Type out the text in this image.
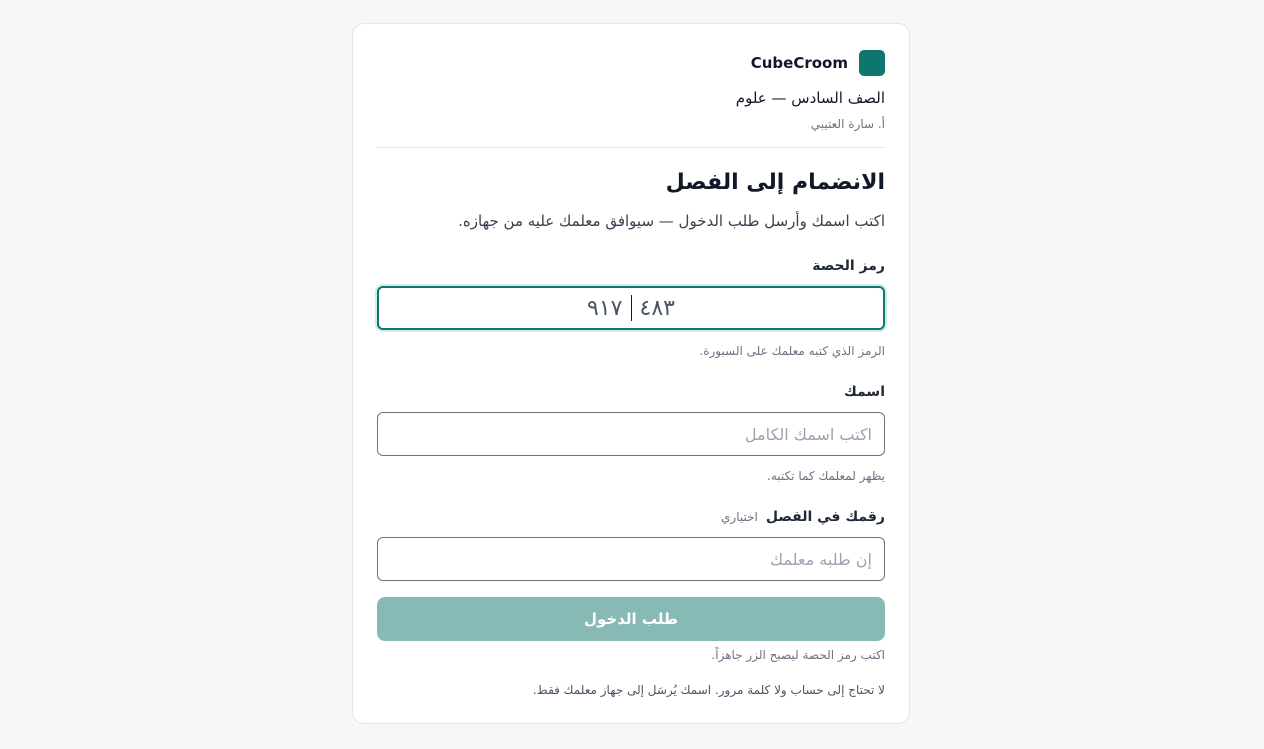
CubeCroom
الصف السادس — علوم
أ. سارة العتيبي
الانضمام إلى الفصل
اكتب اسمك وأرسل طلب الدخول — سيوافق معلمك عليه من جهازه.
رمز الحصة
٩١٧ ٤٨٣
الرمز الذي كتبه معلمك على السبورة.
اسمك
اكتب اسمك الكامل
يظهر لمعلمك كما تكتبه.
رقمك في الفصل
اختياري
إن طلبه معلمك
طلب الدخول
اكتب رمز الحصة ليصبح الزر جاهزاً.
لا تحتاج إلى حساب ولا كلمة مرور. اسمك يُرسَل إلى جهاز معلمك فقط.
